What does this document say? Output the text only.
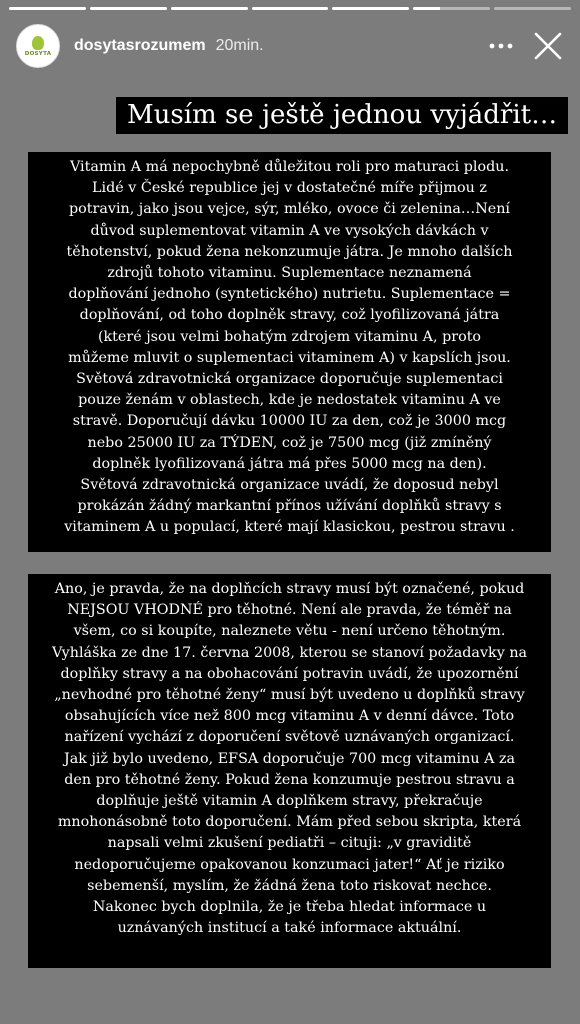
DOSYTA dosytasrozumem 20min.
Musím se ještě jednou vyjádřit…
Vitamin A má nepochybně důležitou roli pro maturaci plodu.
Lidé v České republice jej v dostatečné míře přijmou z
potravin, jako jsou vejce, sýr, mléko, ovoce či zelenina…Není
důvod suplementovat vitamin A ve vysokých dávkách v
těhotenství, pokud žena nekonzumuje játra. Je mnoho dalších
zdrojů tohoto vitaminu. Suplementace neznamená
doplňování jednoho (syntetického) nutrietu. Suplementace =
doplňování, od toho doplněk stravy, což lyofilizovaná játra
(které jsou velmi bohatým zdrojem vitaminu A, proto
můžeme mluvit o suplementaci vitaminem A) v kapslích jsou.
Světová zdravotnická organizace doporučuje suplementaci
pouze ženám v oblastech, kde je nedostatek vitaminu A ve
stravě. Doporučují dávku 10000 IU za den, což je 3000 mcg
nebo 25000 IU za TÝDEN, což je 7500 mcg (již zmíněný
doplněk lyofilizovaná játra má přes 5000 mcg na den).
Světová zdravotnická organizace uvádí, že doposud nebyl
prokázán žádný markantní přínos užívání doplňků stravy s
vitaminem A u populací, které mají klasickou, pestrou stravu .
Ano, je pravda, že na doplňcích stravy musí být označené, pokud
NEJSOU VHODNÉ pro těhotné. Není ale pravda, že téměř na
všem, co si koupíte, naleznete větu - není určeno těhotným.
Vyhláška ze dne 17. června 2008, kterou se stanoví požadavky na
doplňky stravy a na obohacování potravin uvádí, že upozornění
„nevhodné pro těhotné ženy“ musí být uvedeno u doplňků stravy
obsahujících více než 800 mcg vitaminu A v denní dávce. Toto
nařízení vychází z doporučení světově uznávaných organizací.
Jak již bylo uvedeno, EFSA doporučuje 700 mcg vitaminu A za
den pro těhotné ženy. Pokud žena konzumuje pestrou stravu a
doplňuje ještě vitamin A doplňkem stravy, překračuje
mnohonásobně toto doporučení. Mám před sebou skripta, která
napsali velmi zkušení pediatři – cituji: „v graviditě
nedoporučujeme opakovanou konzumaci jater!“ Ať je riziko
sebemenší, myslím, že žádná žena toto riskovat nechce.
Nakonec bych doplnila, že je třeba hledat informace u
uznávaných institucí a také informace aktuální.
